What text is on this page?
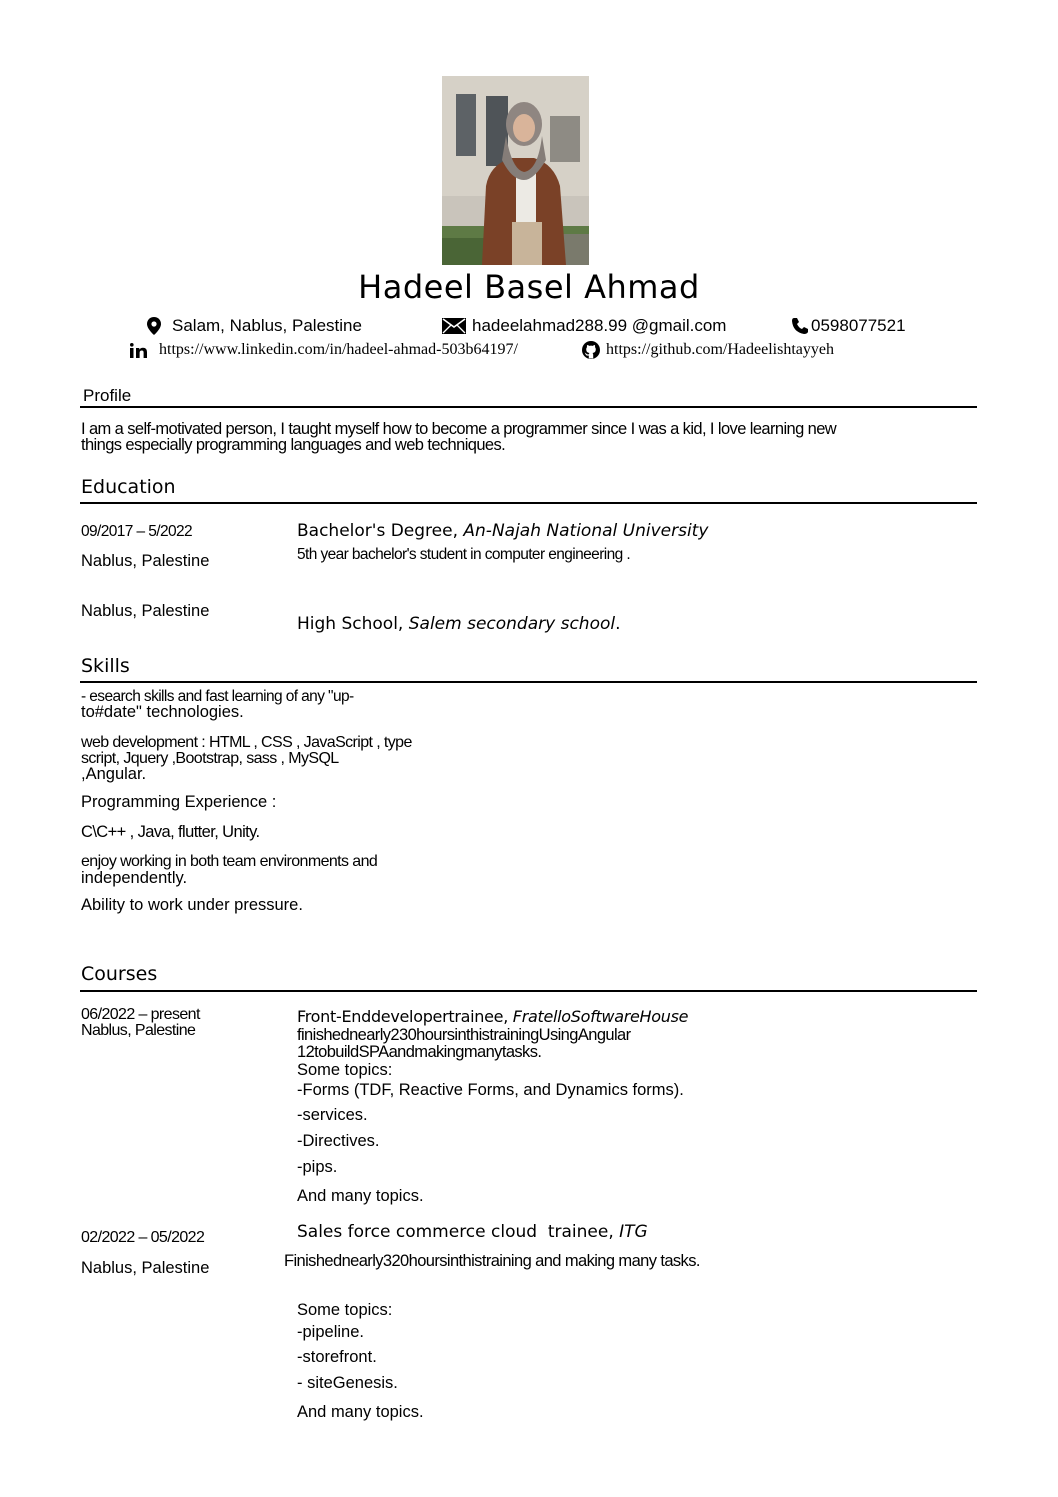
Hadeel Basel Ahmad
Salam, Nablus, Palestine	hadeelahmad288.99 @gmail.com	0598077521
https://www.linkedin.com/in/hadeel-ahmad-503b64197/	https://github.com/Hadeelishtayyeh
Profile
I am a self-motivated person, I taught myself how to become a programmer since I was a kid, I love learning new
things especially programming languages and web techniques.
Education
09/2017 – 5/2022
Nablus, Palestine
Bachelor's Degree, An-Najah National University
5th year bachelor's student in computer engineering .
Nablus, Palestine
High School, Salem secondary school.
Skills
- esearch skills and fast learning of any "up-
to#date" technologies.
web development : HTML , CSS , JavaScript , type
script, Jquery ,Bootstrap, sass , MySQL
,Angular.
Programming Experience :
C\C++ , Java, flutter, Unity.
enjoy working in both team environments and
independently.
Ability to work under pressure.
Courses
06/2022 – present
Nablus, Palestine
Front-Enddevelopertrainee, FratelloSoftwareHouse
finishednearly230hoursinthistrainingUsingAngular
12tobuildSPAandmakingmanytasks.
Some topics:
-Forms (TDF, Reactive Forms, and Dynamics forms).
-services.
-Directives.
-pips.
And many topics.
02/2022 – 05/2022
Nablus, Palestine
Sales force commerce cloud  trainee, ITG
Finishednearly320hoursinthistraining and making many tasks.
Some topics:
-pipeline.
-storefront.
- siteGenesis.
And many topics.
